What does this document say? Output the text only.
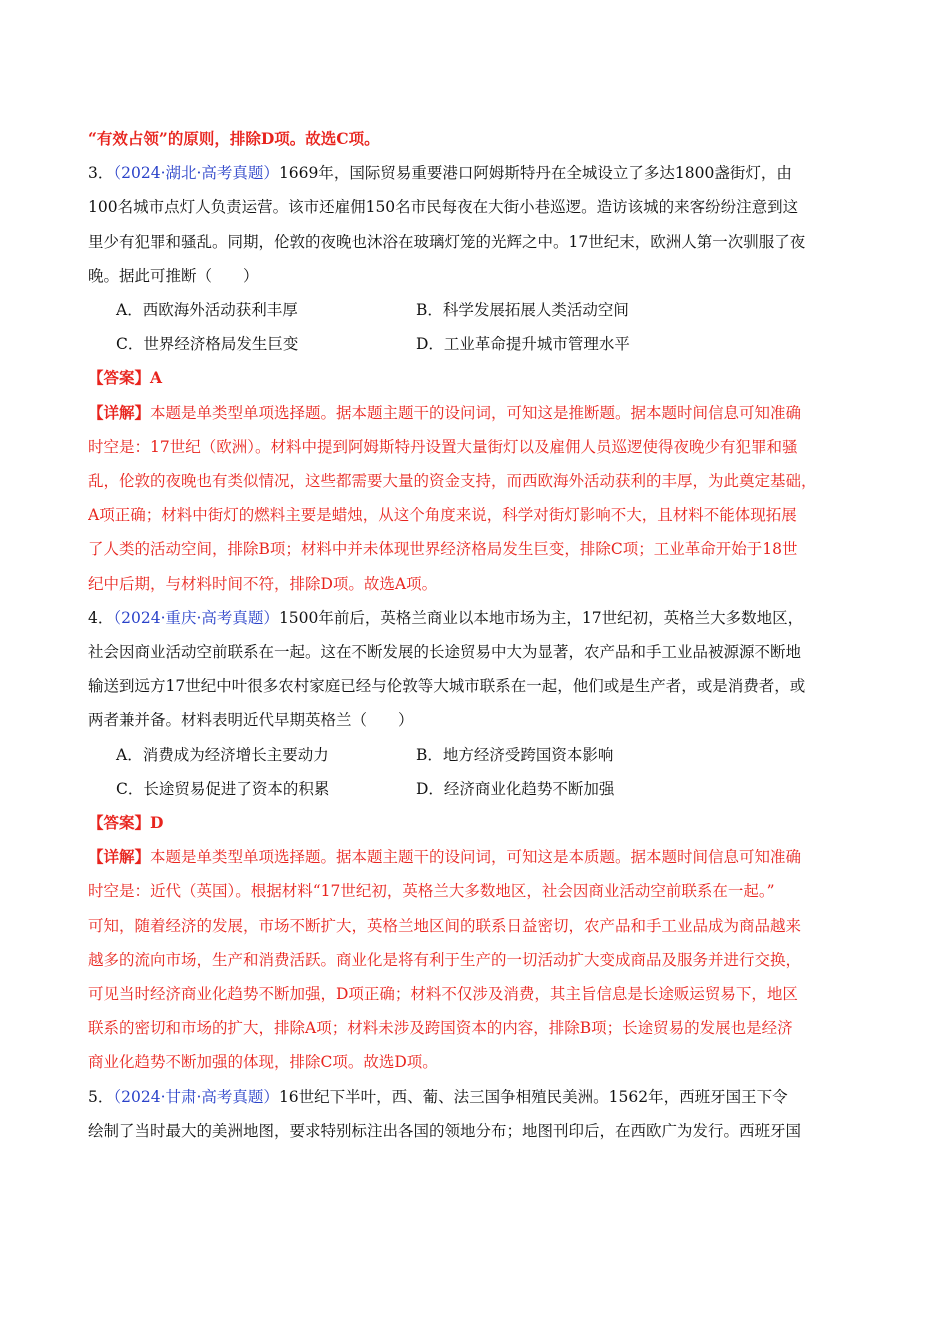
“有效占领”的原则，排除D项。故选C项。
3．（2024·湖北·高考真题）1669年，国际贸易重要港口阿姆斯特丹在全城设立了多达1800盏街灯，由
100名城市点灯人负责运营。该市还雇佣150名市民每夜在大街小巷巡逻。造访该城的来客纷纷注意到这
里少有犯罪和骚乱。同期，伦敦的夜晚也沐浴在玻璃灯笼的光辉之中。17世纪末，欧洲人第一次驯服了夜
晚。据此可推断（　　）
A．西欧海外活动获利丰厚	B．科学发展拓展人类活动空间
C．世界经济格局发生巨变	D．工业革命提升城市管理水平
【答案】A
【详解】本题是单类型单项选择题。据本题主题干的设问词，可知这是推断题。据本题时间信息可知准确
时空是：17世纪（欧洲）。材料中提到阿姆斯特丹设置大量街灯以及雇佣人员巡逻使得夜晚少有犯罪和骚
乱，伦敦的夜晚也有类似情况，这些都需要大量的资金支持，而西欧海外活动获利的丰厚，为此奠定基础，
A项正确；材料中街灯的燃料主要是蜡烛，从这个角度来说，科学对街灯影响不大，且材料不能体现拓展
了人类的活动空间，排除B项；材料中并未体现世界经济格局发生巨变，排除C项；工业革命开始于18世
纪中后期，与材料时间不符，排除D项。故选A项。
4．（2024·重庆·高考真题）1500年前后，英格兰商业以本地市场为主，17世纪初，英格兰大多数地区，
社会因商业活动空前联系在一起。这在不断发展的长途贸易中大为显著，农产品和手工业品被源源不断地
输送到远方17世纪中叶很多农村家庭已经与伦敦等大城市联系在一起，他们或是生产者，或是消费者，或
两者兼并备。材料表明近代早期英格兰（　　）
A．消费成为经济增长主要动力	B．地方经济受跨国资本影响
C．长途贸易促进了资本的积累	D．经济商业化趋势不断加强
【答案】D
【详解】本题是单类型单项选择题。据本题主题干的设问词，可知这是本质题。据本题时间信息可知准确
时空是：近代（英国）。根据材料“17世纪初，英格兰大多数地区，社会因商业活动空前联系在一起。”
可知，随着经济的发展，市场不断扩大，英格兰地区间的联系日益密切，农产品和手工业品成为商品越来
越多的流向市场，生产和消费活跃。商业化是将有利于生产的一切活动扩大变成商品及服务并进行交换，
可见当时经济商业化趋势不断加强，D项正确；材料不仅涉及消费，其主旨信息是长途贩运贸易下，地区
联系的密切和市场的扩大，排除A项；材料未涉及跨国资本的内容，排除B项；长途贸易的发展也是经济
商业化趋势不断加强的体现，排除C项。故选D项。
5．（2024·甘肃·高考真题）16世纪下半叶，西、葡、法三国争相殖民美洲。1562年，西班牙国王下令
绘制了当时最大的美洲地图，要求特别标注出各国的领地分布；地图刊印后，在西欧广为发行。西班牙国
